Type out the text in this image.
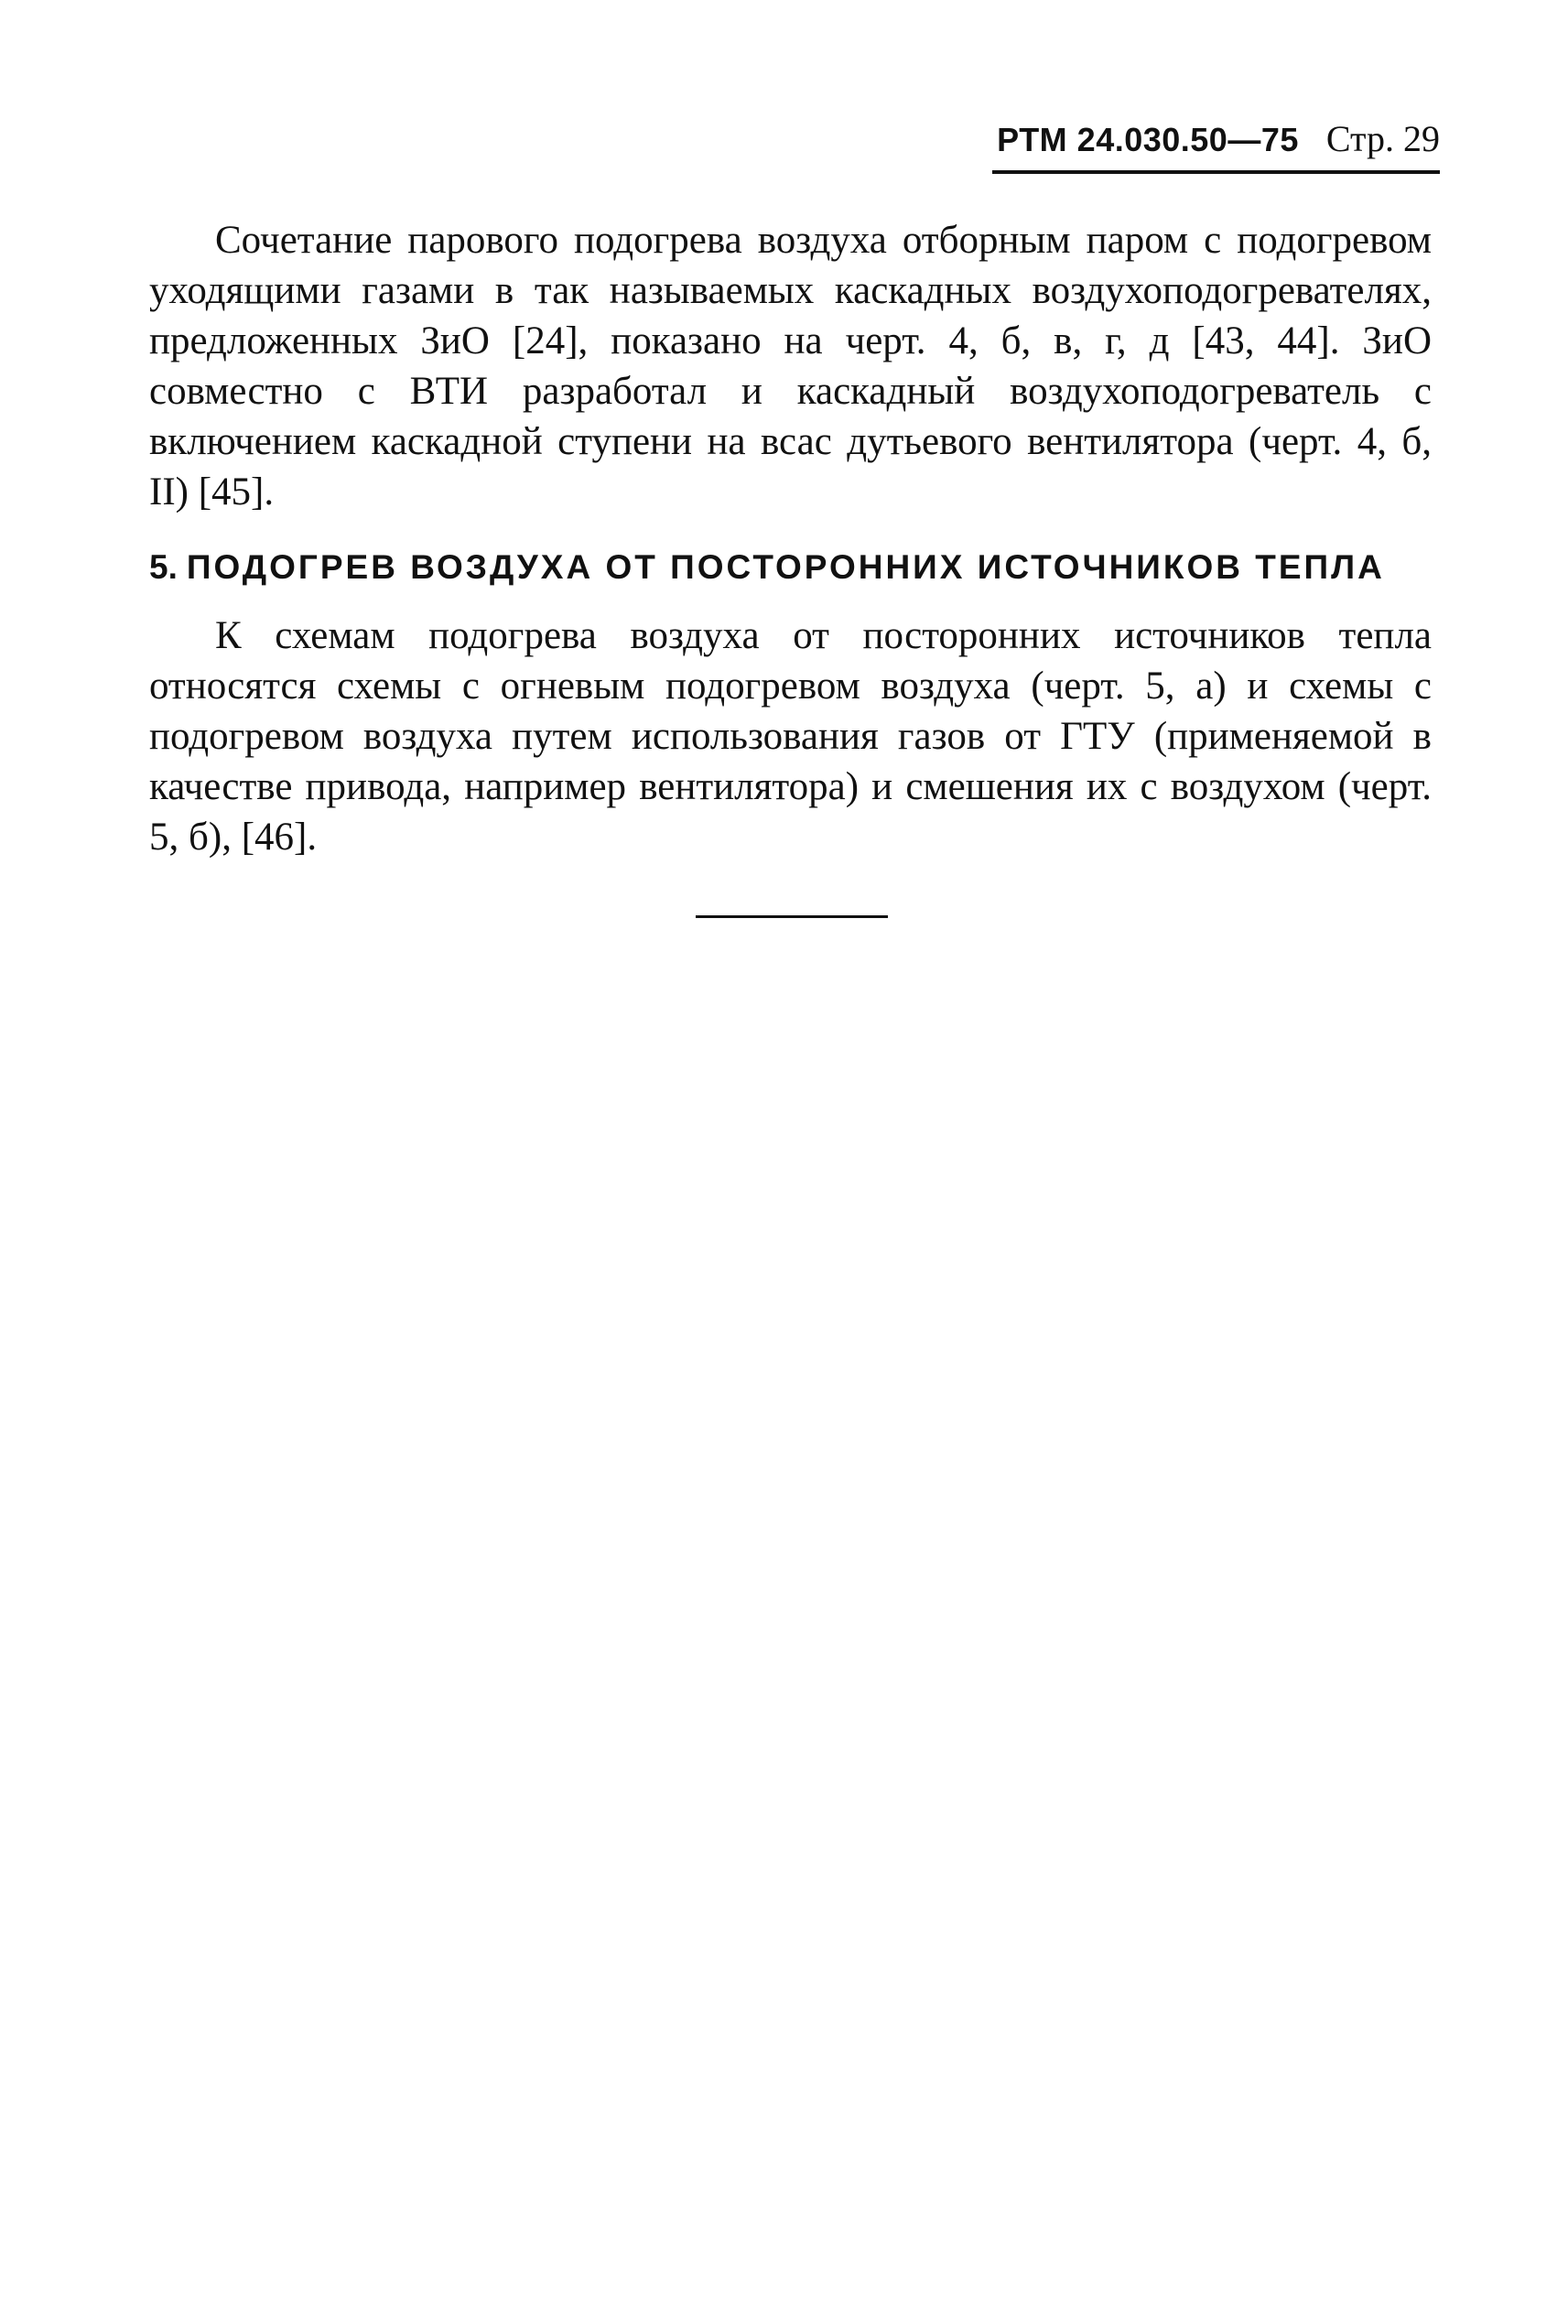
РТМ 24.030.50—75 Стр. 29

Сочетание парового подогрева воздуха отборным паром с подогревом уходящими газами в так называемых каскадных воздухоподогревателях, предложенных ЗиО [24], показано на черт. 4, б, в, г, д [43, 44]. ЗиО совместно с ВТИ разработал и каскадный воздухоподогреватель с включением каскадной ступени на всас дутьевого вентилятора (черт. 4, б, II) [45].

5. ПОДОГРЕВ ВОЗДУХА ОТ ПОСТОРОННИХ ИСТОЧНИКОВ ТЕПЛА

К схемам подогрева воздуха от посторонних источников тепла относятся схемы с огневым подогревом воздуха (черт. 5, а) и схемы с подогревом воздуха путем использования газов от ГТУ (применяемой в качестве привода, например вентилятора) и смешения их с воздухом (черт. 5, б), [46].
